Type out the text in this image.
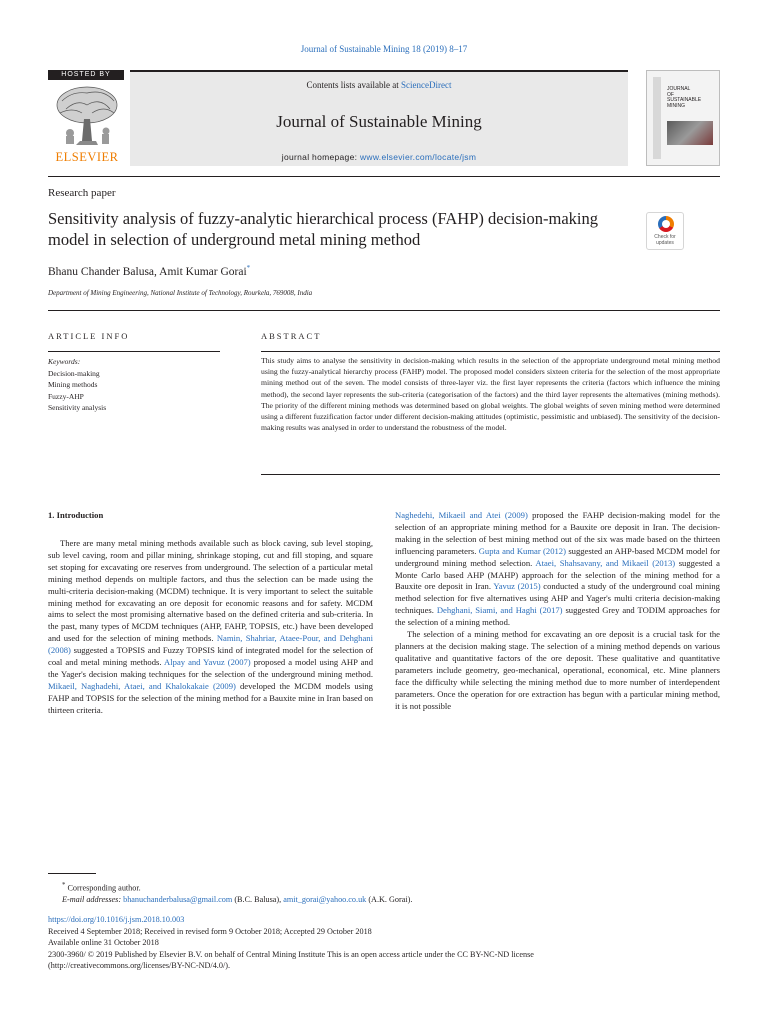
Journal of Sustainable Mining 18 (2019) 8–17
HOSTED BY
ELSEVIER
Contents lists available at ScienceDirect
Journal of Sustainable Mining
journal homepage: www.elsevier.com/locate/jsm
JOURNAL
OF
SUSTAINABLE
MINING
Research paper
Sensitivity analysis of fuzzy-analytic hierarchical process (FAHP) decision-making model in selection of underground metal mining method	Check for
updates
Bhanu Chander Balusa, Amit Kumar Gorai*
Department of Mining Engineering, National Institute of Technology, Rourkela, 769008, India
ARTICLE INFO
Keywords:
Decision-making
Mining methods
Fuzzy-AHP
Sensitivity analysis
ABSTRACT
This study aims to analyse the sensitivity in decision-making which results in the selection of the appropriate underground metal mining method using the fuzzy-analytical hierarchy process (FAHP) model. The proposed model considers sixteen criteria for the selection of the most appropriate mining method out of the seven. The model consists of three-layer viz. the first layer represents the criteria (factors which influence the mining method), the second layer represents the sub-criteria (categorisation of the factors) and the third layer represents the alternatives (mining methods). The priority of the different mining methods was determined based on global weights. The global weights of seven mining method were determined using a different fuzzification factor under different decision-making attitudes (optimistic, pessimistic and unbiased). The sensitivity of the decision-making results was analysed in order to understand the robustness of the model.
1. Introduction

There are many metal mining methods available such as block caving, sub level stoping, sub level caving, room and pillar mining, shrinkage stoping, cut and fill stoping, and square set stoping for excavating ore reserves from underground. The selection of a particular metal mining method depends on multiple factors, and thus the selection can be made using the multi-criteria decision-making (MCDM) technique. It is very important to select the suitable mining method for excavating an ore deposit for economic reasons and for safety. MCDM aims to select the most promising alternative based on the defined criteria and sub-criteria. In the past, many types of MCDM techniques (AHP, FAHP, TOPSIS, etc.) have been developed and used for the selection of mining methods. Namin, Shahriar, Ataee-Pour, and Dehghani (2008) suggested a TOPSIS and Fuzzy TOPSIS kind of integrated model for the selection of coal and metal mining methods. Alpay and Yavuz (2007) proposed a model using AHP and the Yager's decision making techniques for the selection of the underground mining method. Mikaeil, Naghadehi, Ataei, and Khalokakaie (2009) developed the MCDM models using FAHP and TOPSIS for the selection of the mining method for a Bauxite mine in Iran based on thirteen criteria.

Naghedehi, Mikaeil and Atei (2009) proposed the FAHP decision-making model for the selection of an appropriate mining method for a Bauxite ore deposit in Iran. The decision-making in the selection of best mining method out of the six was made based on the thirteen influencing parameters. Gupta and Kumar (2012) suggested an AHP-based MCDM model for underground mining method selection. Ataei, Shahsavany, and Mikaeil (2013) suggested a Monte Carlo based AHP (MAHP) approach for the selection of the mining method for a Bauxite ore deposit in Iran. Yavuz (2015) conducted a study of the underground coal mining method selection for five alternatives using AHP and Yager's multi criteria decision-making techniques. Dehghani, Siami, and Haghi (2017) suggested Grey and TODIM approaches for the selection of a mining method.

The selection of a mining method for excavating an ore deposit is a crucial task for the planners at the decision making stage. The selection of a mining method depends on various qualitative and quantitative factors of the ore deposit. These qualitative and quantitative parameters include geometry, geo-mechanical, operational, economical, etc. Mine planners face the difficulty while selecting the mining method due to more number of interdependent parameters. Once the operation for ore extraction has begun with a particular mining method, it is not possible

* Corresponding author.
E-mail addresses: bhanuchanderbalusa@gmail.com (B.C. Balusa), amit_gorai@yahoo.co.uk (A.K. Gorai).
https://doi.org/10.1016/j.jsm.2018.10.003
Received 4 September 2018; Received in revised form 9 October 2018; Accepted 29 October 2018
Available online 31 October 2018
2300-3960/ © 2019 Published by Elsevier B.V. on behalf of Central Mining Institute This is an open access article under the CC BY-NC-ND license
(http://creativecommons.org/licenses/BY-NC-ND/4.0/).
